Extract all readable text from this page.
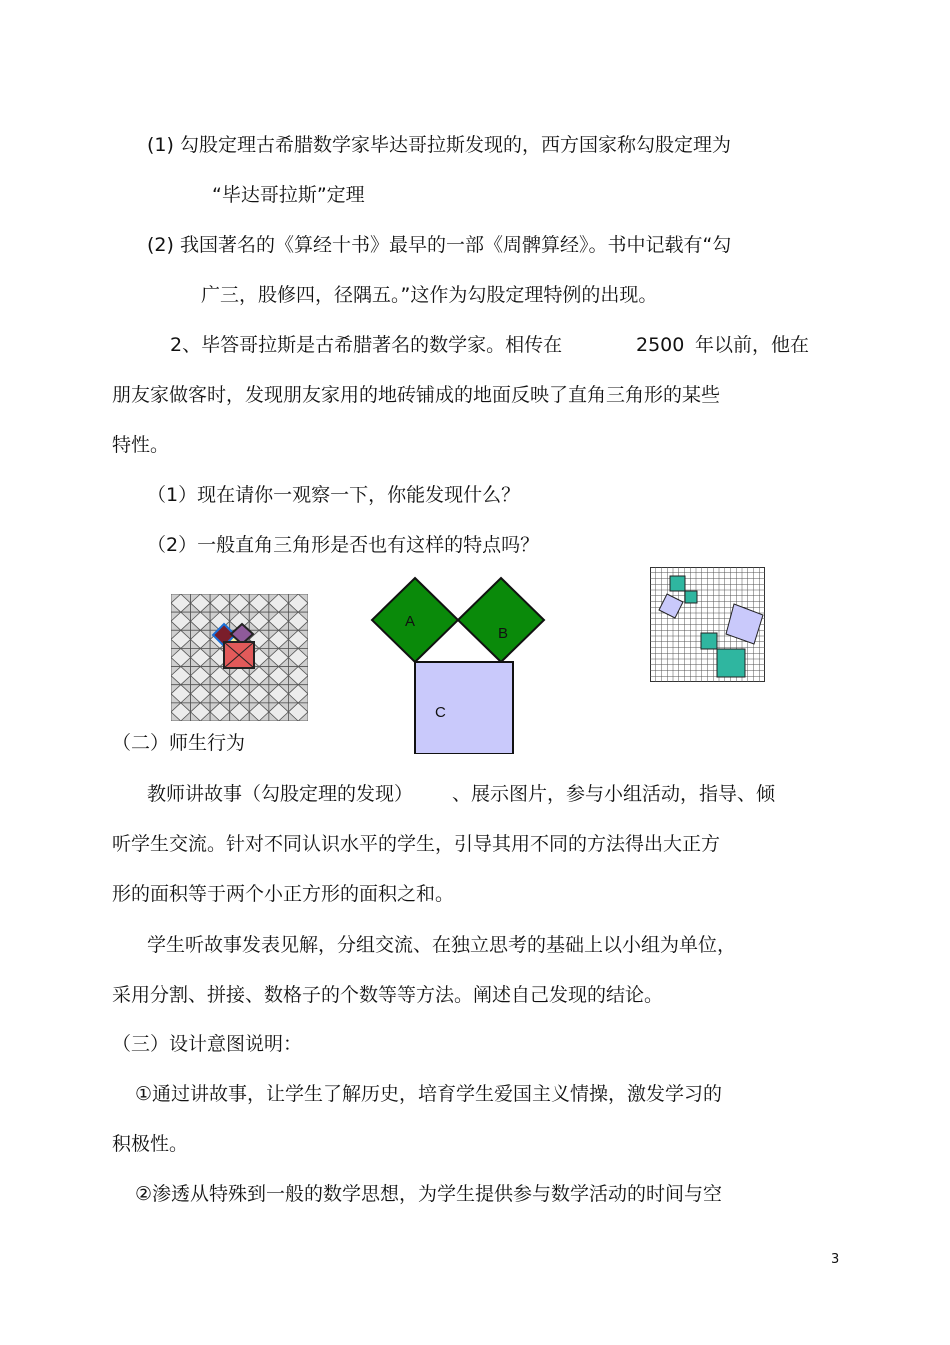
(1) 勾股定理古希腊数学家毕达哥拉斯发现的，西方国家称勾股定理为
“毕达哥拉斯”定理
(2) 我国著名的《算经十书》最早的一部《周髀算经》。书中记载有“勾
广三，股修四，径隅五。”这作为勾股定理特例的出现。
2、毕答哥拉斯是古希腊著名的数学家。相传在	2500 年以前，他在
朋友家做客时，发现朋友家用的地砖铺成的地面反映了直角三角形的某些
特性。
（1）现在请你一观察一下，你能发现什么？
（2）一般直角三角形是否也有这样的特点吗？
A
B
C
（二）师生行为
教师讲故事（勾股定理的发现） 、展示图片，参与小组活动，指导、倾
听学生交流。针对不同认识水平的学生，引导其用不同的方法得出大正方
形的面积等于两个小正方形的面积之和。
学生听故事发表见解，分组交流、在独立思考的基础上以小组为单位，
采用分割、拼接、数格子的个数等等方法。阐述自己发现的结论。
（三）设计意图说明：
①通过讲故事，让学生了解历史，培育学生爱国主义情操，激发学习的
积极性。
②渗透从特殊到一般的数学思想，为学生提供参与数学活动的时间与空
3
